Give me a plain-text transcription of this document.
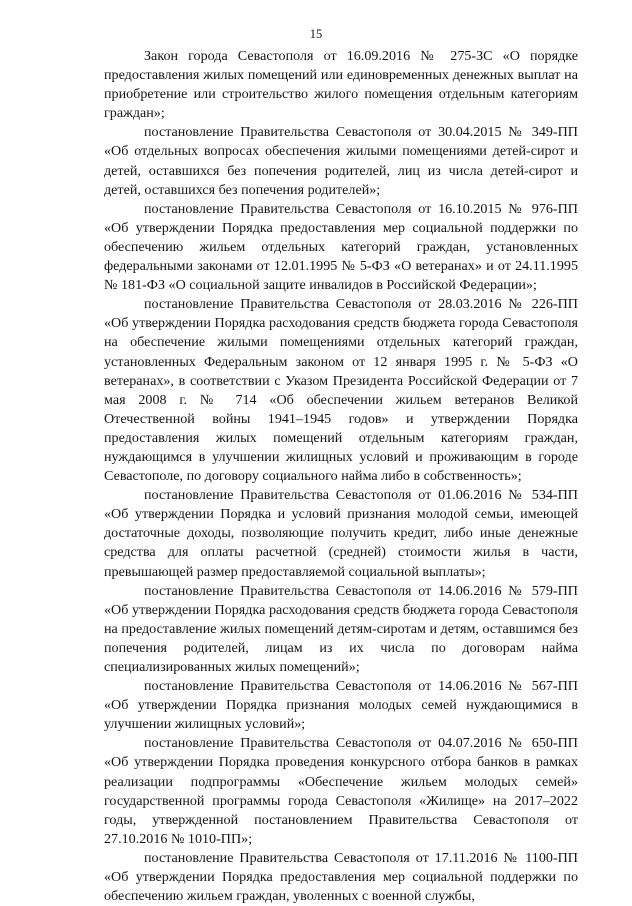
15

Закон города Севастополя от 16.09.2016 № 275-ЗС «О порядке предоставления жилых помещений или единовременных денежных выплат на приобретение или строительство жилого помещения отдельным категориям граждан»;

постановление Правительства Севастополя от 30.04.2015 № 349-ПП «Об отдельных вопросах обеспечения жилыми помещениями детей-сирот и детей, оставшихся без попечения родителей, лиц из числа детей-сирот и детей, оставшихся без попечения родителей»;

постановление Правительства Севастополя от 16.10.2015 № 976-ПП «Об утверждении Порядка предоставления мер социальной поддержки по обеспечению жильем отдельных категорий граждан, установленных федеральными законами от 12.01.1995 № 5-ФЗ «О ветеранах» и от 24.11.1995 № 181-ФЗ «О социальной защите инвалидов в Российской Федерации»;

постановление Правительства Севастополя от 28.03.2016 № 226-ПП «Об утверждении Порядка расходования средств бюджета города Севастополя на обеспечение жилыми помещениями отдельных категорий граждан, установленных Федеральным законом от 12 января 1995 г. № 5-ФЗ «О ветеранах», в соответствии с Указом Президента Российской Федерации от 7 мая 2008 г. № 714 «Об обеспечении жильем ветеранов Великой Отечественной войны 1941–1945 годов» и утверждении Порядка предоставления жилых помещений отдельным категориям граждан, нуждающимся в улучшении жилищных условий и проживающим в городе Севастополе, по договору социального найма либо в собственность»;

постановление Правительства Севастополя от 01.06.2016 № 534-ПП «Об утверждении Порядка и условий признания молодой семьи, имеющей достаточные доходы, позволяющие получить кредит, либо иные денежные средства для оплаты расчетной (средней) стоимости жилья в части, превышающей размер предоставляемой социальной выплаты»;

постановление Правительства Севастополя от 14.06.2016 № 579-ПП «Об утверждении Порядка расходования средств бюджета города Севастополя на предоставление жилых помещений детям-сиротам и детям, оставшимся без попечения родителей, лицам из их числа по договорам найма специализированных жилых помещений»;

постановление Правительства Севастополя от 14.06.2016 № 567-ПП «Об утверждении Порядка признания молодых семей нуждающимися в улучшении жилищных условий»;

постановление Правительства Севастополя от 04.07.2016 № 650-ПП «Об утверждении Порядка проведения конкурсного отбора банков в рамках реализации подпрограммы «Обеспечение жильем молодых семей» государственной программы города Севастополя «Жилище» на 2017–2022 годы, утвержденной постановлением Правительства Севастополя от 27.10.2016 № 1010-ПП»;

постановление Правительства Севастополя от 17.11.2016 № 1100-ПП «Об утверждении Порядка предоставления мер социальной поддержки по обеспечению жильем граждан, уволенных с военной службы,
